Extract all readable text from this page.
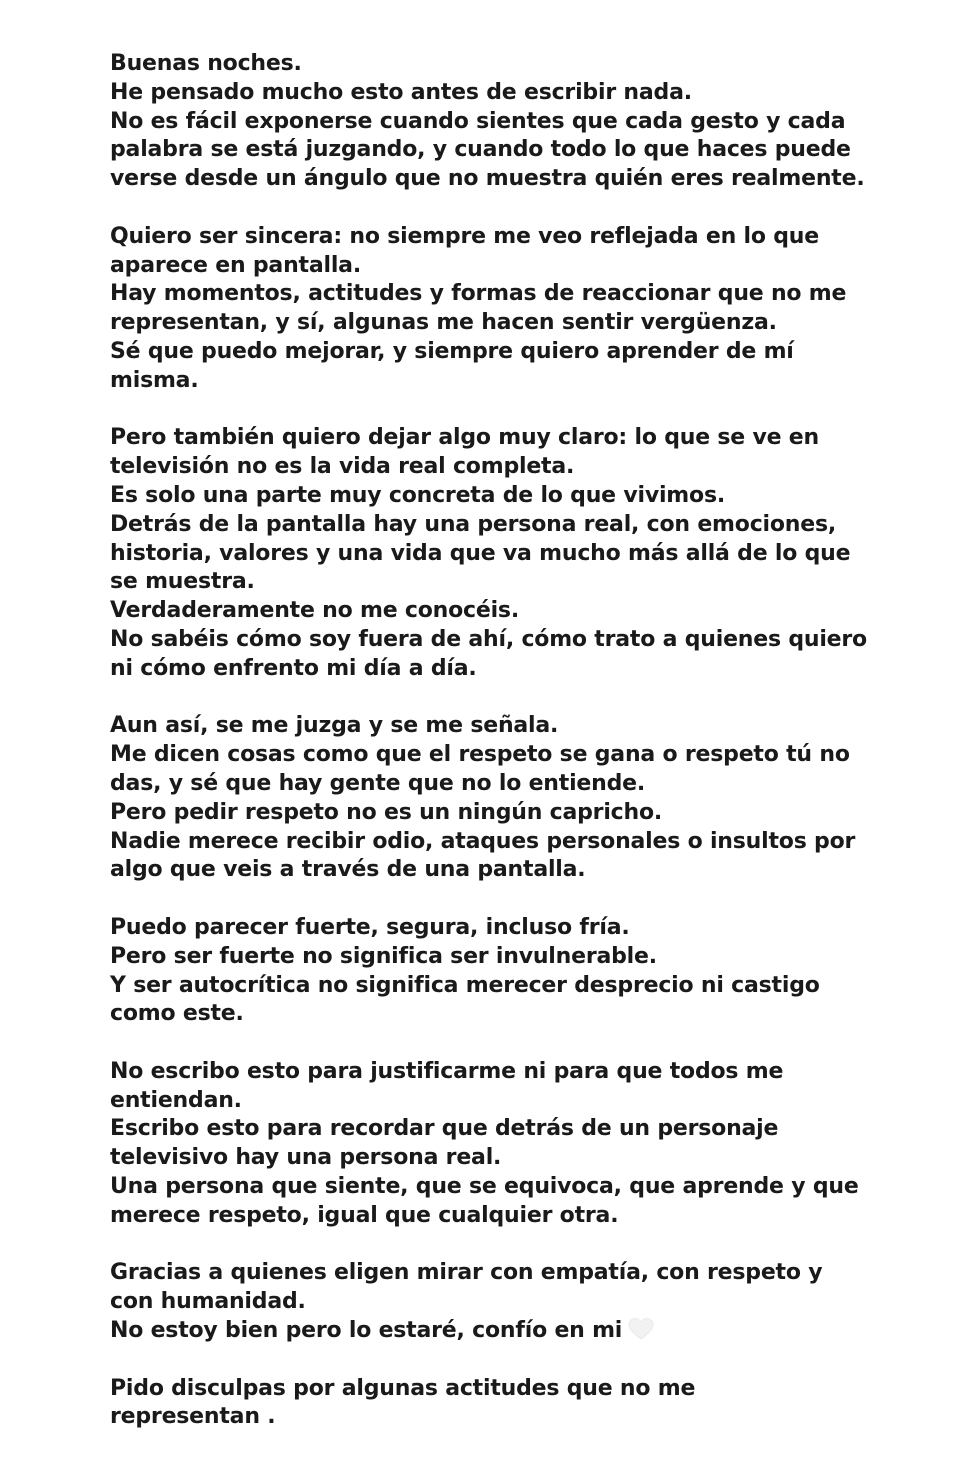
Buenas noches.
He pensado mucho esto antes de escribir nada.
No es fácil exponerse cuando sientes que cada gesto y cada
palabra se está juzgando, y cuando todo lo que haces puede
verse desde un ángulo que no muestra quién eres realmente.
Quiero ser sincera: no siempre me veo reflejada en lo que
aparece en pantalla.
Hay momentos, actitudes y formas de reaccionar que no me
representan, y sí, algunas me hacen sentir vergüenza.
Sé que puedo mejorar, y siempre quiero aprender de mí
misma.
Pero también quiero dejar algo muy claro: lo que se ve en
televisión no es la vida real completa.
Es solo una parte muy concreta de lo que vivimos.
Detrás de la pantalla hay una persona real, con emociones,
historia, valores y una vida que va mucho más allá de lo que
se muestra.
Verdaderamente no me conocéis.
No sabéis cómo soy fuera de ahí, cómo trato a quienes quiero
ni cómo enfrento mi día a día.
Aun así, se me juzga y se me señala.
Me dicen cosas como que el respeto se gana o respeto tú no
das, y sé que hay gente que no lo entiende.
Pero pedir respeto no es un ningún capricho.
Nadie merece recibir odio, ataques personales o insultos por
algo que veis a través de una pantalla.
Puedo parecer fuerte, segura, incluso fría.
Pero ser fuerte no significa ser invulnerable.
Y ser autocrítica no significa merecer desprecio ni castigo
como este.
No escribo esto para justificarme ni para que todos me
entiendan.
Escribo esto para recordar que detrás de un personaje
televisivo hay una persona real.
Una persona que siente, que se equivoca, que aprende y que
merece respeto, igual que cualquier otra.
Gracias a quienes eligen mirar con empatía, con respeto y
con humanidad.
No estoy bien pero lo estaré, confío en mi
Pido disculpas por algunas actitudes que no me
representan .
